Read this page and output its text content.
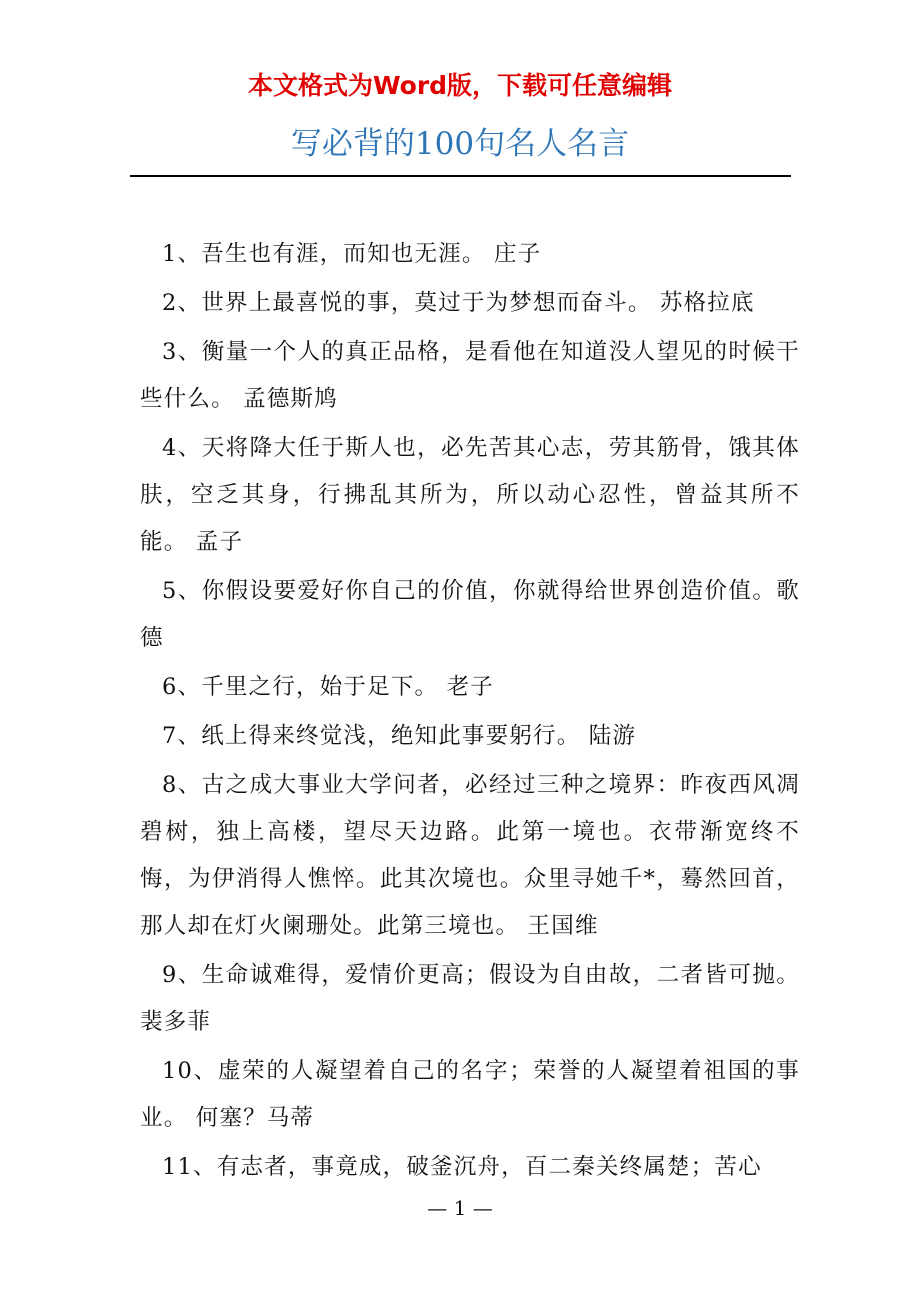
本文格式为Word版，下载可任意编辑
写必背的100句名人名言

1、吾生也有涯，而知也无涯。 庄子

2、世界上最喜悦的事，莫过于为梦想而奋斗。 苏格拉底

3、衡量一个人的真正品格，是看他在知道没人望见的时候干些什么。 孟德斯鸠

4、天将降大任于斯人也，必先苦其心志，劳其筋骨，饿其体肤，空乏其身，行拂乱其所为，所以动心忍性，曾益其所不能。 孟子

5、你假设要爱好你自己的价值，你就得给世界创造价值。歌德

6、千里之行，始于足下。 老子

7、纸上得来终觉浅，绝知此事要躬行。 陆游

8、古之成大事业大学问者，必经过三种之境界：昨夜西风凋碧树，独上高楼，望尽天边路。此第一境也。衣带渐宽终不悔，为伊消得人憔悴。此其次境也。众里寻她千*，蓦然回首，那人却在灯火阑珊处。此第三境也。 王国维

9、生命诚难得，爱情价更高；假设为自由故，二者皆可抛。 裴多菲

10、虚荣的人凝望着自己的名字；荣誉的人凝望着祖国的事业。 何塞？马蒂

11、有志者，事竟成，破釜沉舟，百二秦关终属楚；苦心

— 1 —
